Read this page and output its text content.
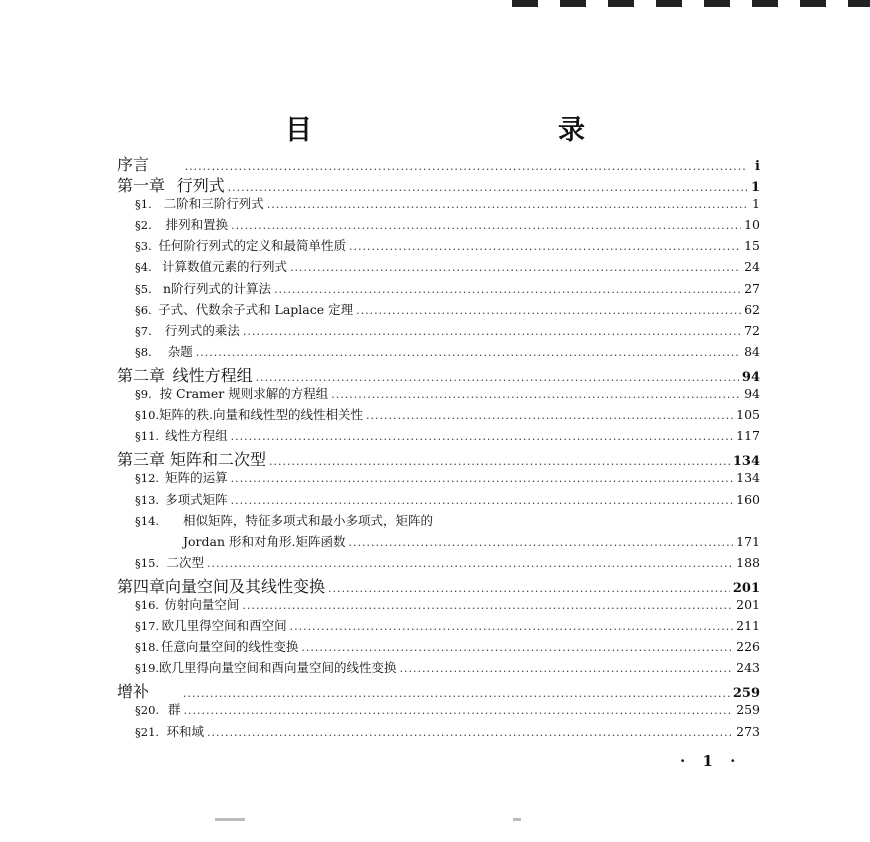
目　　录
序言 .....	i
第一章 行列式 .....	1
§1. 二阶和三阶行列式 .....	1
§2.	排列和置换 .....	10
§3. 任何阶行列式的定义和最简单性质 .....	15
§4. 计算数值元素的行列式 .....	24
§5. n阶行列式的计算法 .....	27
§6. 子式、代数余子式和 Laplace 定理 .....	62
§7.	行列式的乘法 .....	72
§8.	杂题 .....	84
第二章 线性方程组 .....	94
§9. 按 Cramer 规则求解的方程组 .....	94
§10. 矩阵的秩.向量和线性型的线性相关性 .....	105
§11. 线性方程组 .....	117
第三章 矩阵和二次型 .....	134
§12. 矩阵的运算 .....	134
§13. 多项式矩阵 .....	160
§14.	相似矩阵，特征多项式和最小多项式，矩阵的
Jordan 形和对角形.矩阵函数 .....	171
§15. 二次型 .....	188
第四章 向量空间及其线性变换 .....	201
§16. 仿射向量空间 .....	201
§17. 欧几里得空间和酉空间 .....	211
§18. 任意向量空间的线性变换 .....	226
§19. 欧几里得向量空间和酉向量空间的线性变换 .....	243
增补 .....	259
§20. 群 .....	259
§21. 环和域 .....	273
· 1 ·
